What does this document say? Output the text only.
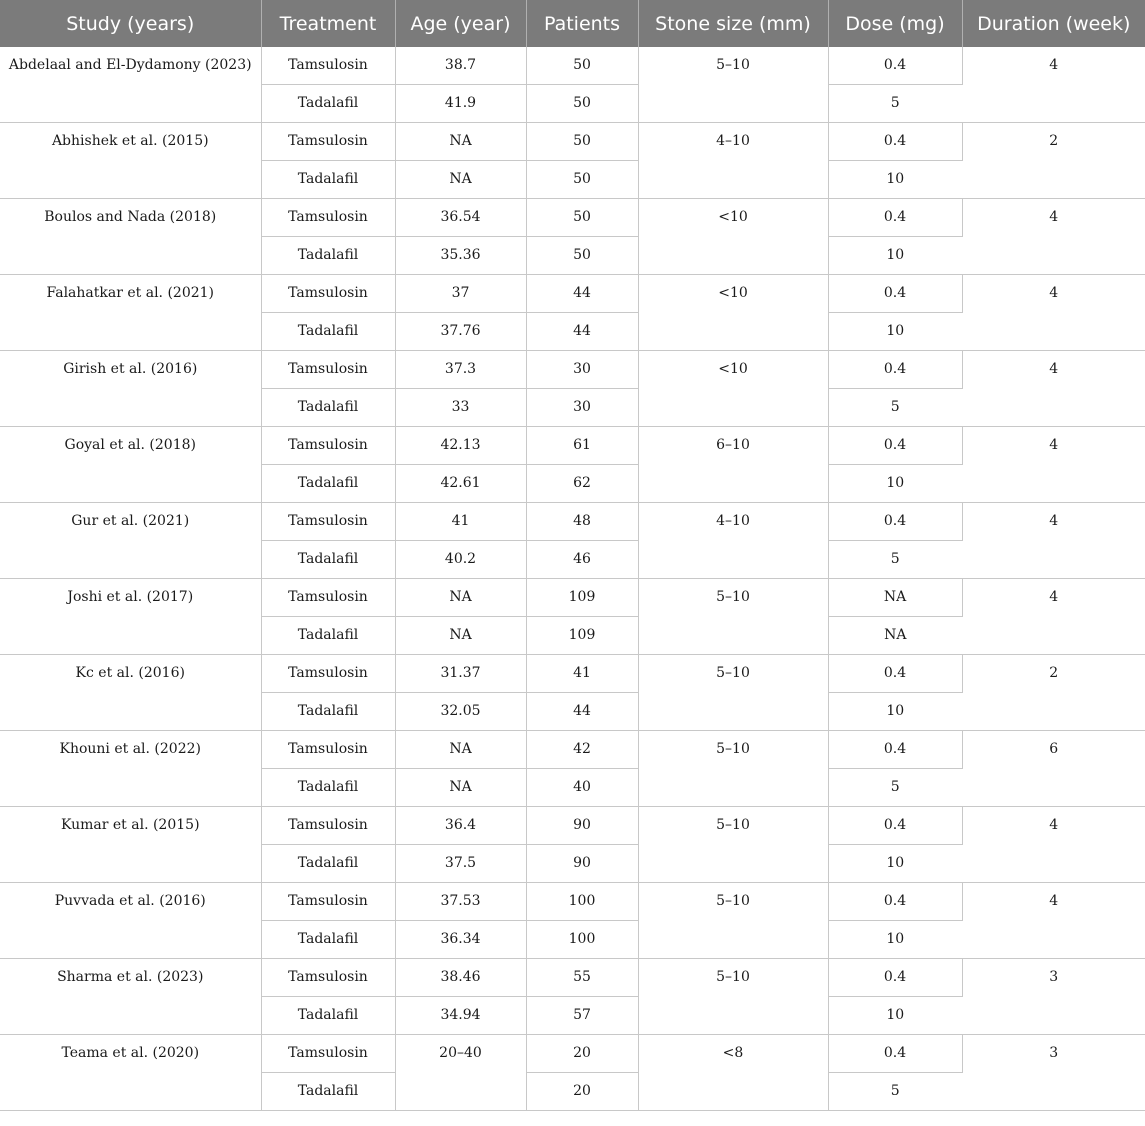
Study (years)	Treatment	Age (year)	Patients	Stone size (mm)	Dose (mg)	Duration (week)
Abdelaal and El-Dydamony (2023)	Tamsulosin	38.7	50	5–10	0.4	4
	Tadalafil	41.9	50		5	
Abhishek et al. (2015)	Tamsulosin	NA	50	4–10	0.4	2
	Tadalafil	NA	50		10	
Boulos and Nada (2018)	Tamsulosin	36.54	50	<10	0.4	4
	Tadalafil	35.36	50		10	
Falahatkar et al. (2021)	Tamsulosin	37	44	<10	0.4	4
	Tadalafil	37.76	44		10	
Girish et al. (2016)	Tamsulosin	37.3	30	<10	0.4	4
	Tadalafil	33	30		5	
Goyal et al. (2018)	Tamsulosin	42.13	61	6–10	0.4	4
	Tadalafil	42.61	62		10	
Gur et al. (2021)	Tamsulosin	41	48	4–10	0.4	4
	Tadalafil	40.2	46		5	
Joshi et al. (2017)	Tamsulosin	NA	109	5–10	NA	4
	Tadalafil	NA	109		NA	
Kc et al. (2016)	Tamsulosin	31.37	41	5–10	0.4	2
	Tadalafil	32.05	44		10	
Khouni et al. (2022)	Tamsulosin	NA	42	5–10	0.4	6
	Tadalafil	NA	40		5	
Kumar et al. (2015)	Tamsulosin	36.4	90	5–10	0.4	4
	Tadalafil	37.5	90		10	
Puvvada et al. (2016)	Tamsulosin	37.53	100	5–10	0.4	4
	Tadalafil	36.34	100		10	
Sharma et al. (2023)	Tamsulosin	38.46	55	5–10	0.4	3
	Tadalafil	34.94	57		10	
Teama et al. (2020)	Tamsulosin	20–40	20	<8	0.4	3
	Tadalafil		20		5	
